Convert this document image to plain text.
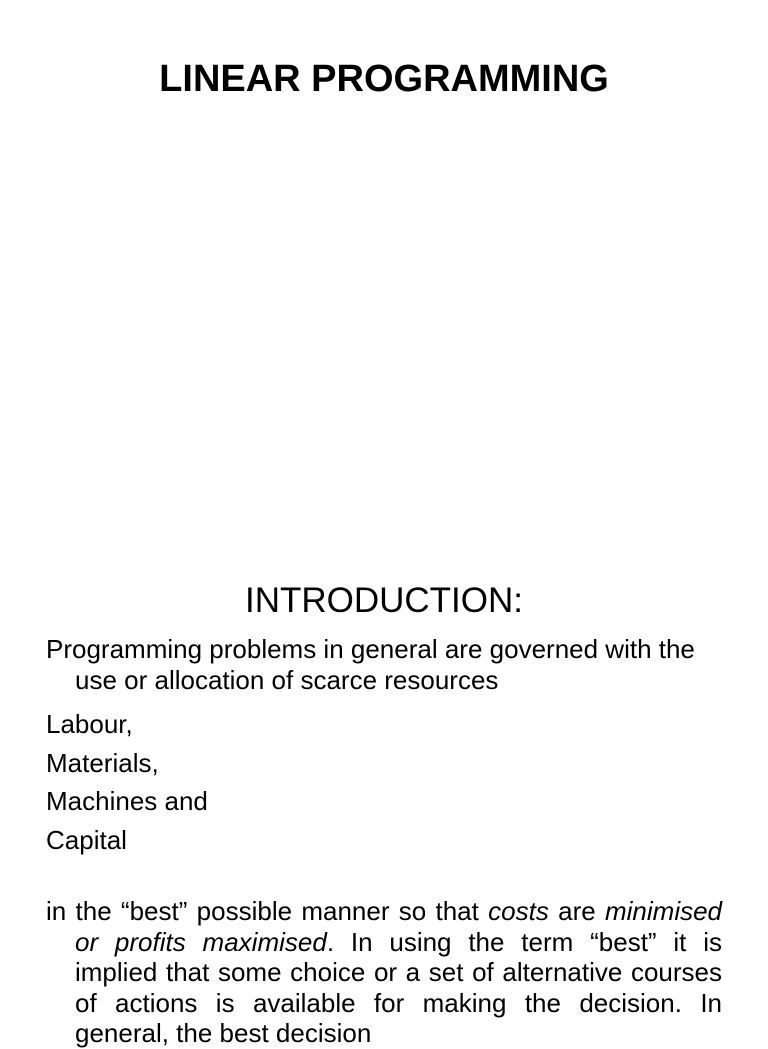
LINEAR PROGRAMMING
INTRODUCTION:

Programming problems in general are governed with the use or allocation of scarce resources

Labour,
Materials,
Machines and
Capital

in the “best” possible manner so that costs are minimised or profits maximised. In using the term “best” it is implied that some choice or a set of alternative courses of actions is available for making the decision. In general, the best decision
